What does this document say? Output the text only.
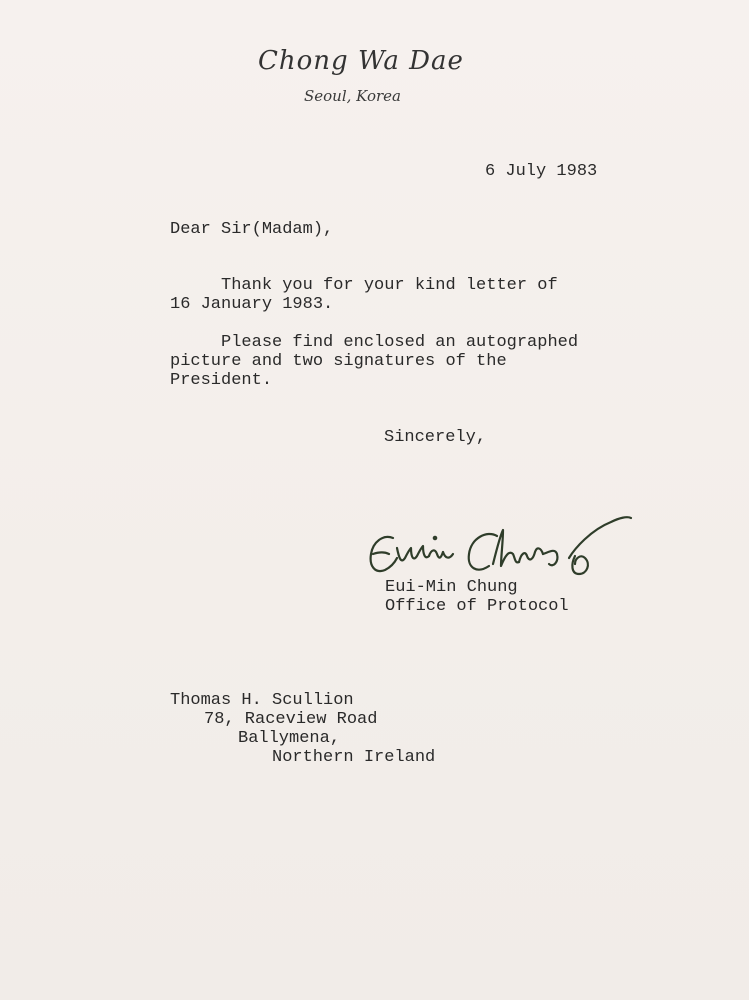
Chong Wa Dae
Seoul, Korea
6 July 1983
Dear Sir(Madam),

Thank you for your kind letter of
16 January 1983.

Please find enclosed an autographed
picture and two signatures of the
President.

Sincerely,
Eui-Min Chung
Office of Protocol
Thomas H. Scullion
78, Raceview Road
Ballymena,
Northern Ireland
